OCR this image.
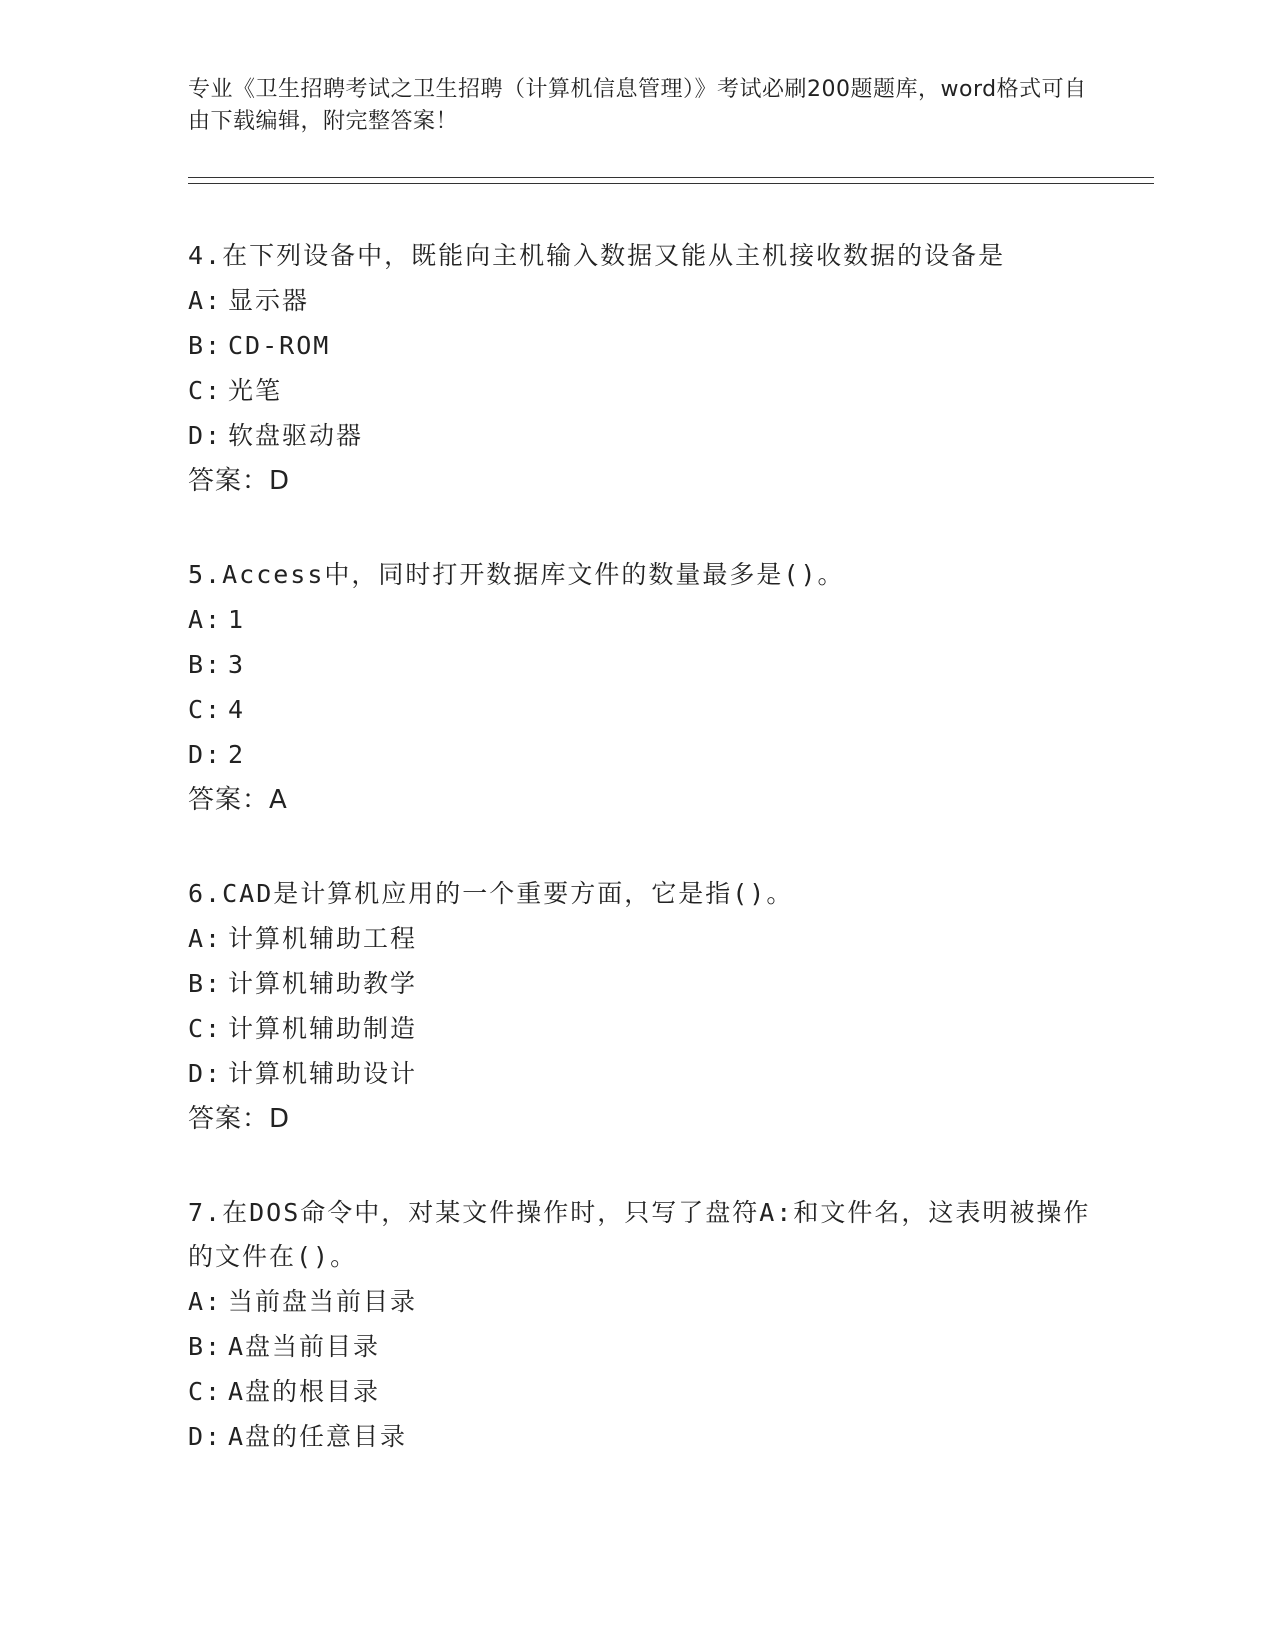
专业《卫生招聘考试之卫生招聘（计算机信息管理）》考试必刷200题题库，word格式可自由下载编辑，附完整答案！
4.在下列设备中，既能向主机输入数据又能从主机接收数据的设备是
A: 显示器
B: CD-ROM
C: 光笔
D: 软盘驱动器
答案：D
5.Access中，同时打开数据库文件的数量最多是()。
A: 1
B: 3
C: 4
D: 2
答案：A
6.CAD是计算机应用的一个重要方面，它是指()。
A: 计算机辅助工程
B: 计算机辅助教学
C: 计算机辅助制造
D: 计算机辅助设计
答案：D
7.在DOS命令中，对某文件操作时，只写了盘符A:和文件名，这表明被操作的文件在()。
A: 当前盘当前目录
B: A盘当前目录
C: A盘的根目录
D: A盘的任意目录
